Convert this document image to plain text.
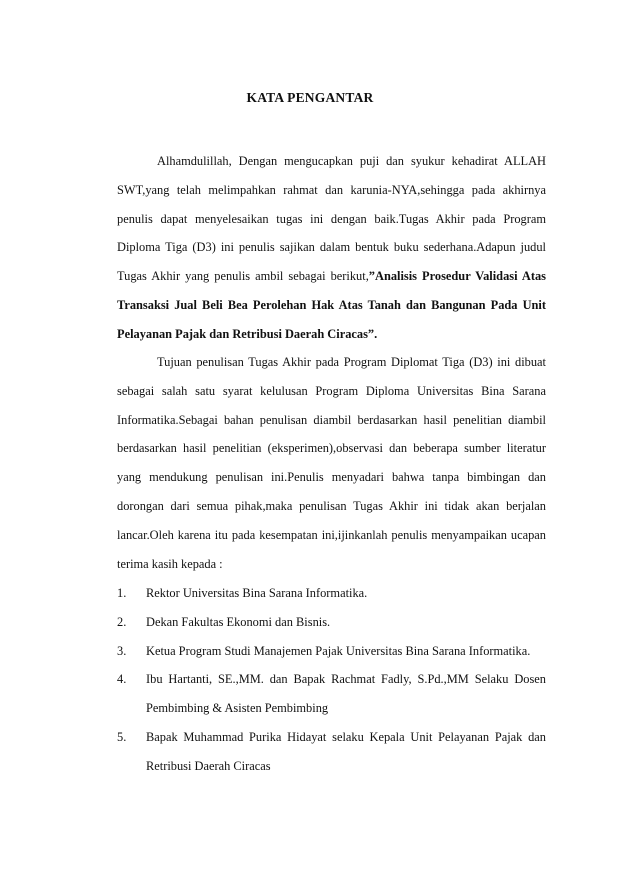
KATA PENGANTAR

Alhamdulillah, Dengan mengucapkan puji dan syukur kehadirat ALLAH SWT,yang telah melimpahkan rahmat dan karunia-NYA,sehingga pada akhirnya penulis dapat menyelesaikan tugas ini dengan baik.Tugas Akhir pada Program Diploma Tiga (D3) ini penulis sajikan dalam bentuk buku sederhana.Adapun judul Tugas Akhir yang penulis ambil sebagai berikut,”Analisis Prosedur Validasi Atas Transaksi Jual Beli Bea Perolehan Hak Atas Tanah dan Bangunan Pada Unit Pelayanan Pajak dan Retribusi Daerah Ciracas”.

Tujuan penulisan Tugas Akhir pada Program Diplomat Tiga (D3) ini dibuat sebagai salah satu syarat kelulusan Program Diploma Universitas Bina Sarana Informatika.Sebagai bahan penulisan diambil berdasarkan hasil penelitian diambil berdasarkan hasil penelitian (eksperimen),observasi dan beberapa sumber literatur yang mendukung penulisan ini.Penulis menyadari bahwa tanpa bimbingan dan dorongan dari semua pihak,maka penulisan Tugas Akhir ini tidak akan berjalan lancar.Oleh karena itu pada kesempatan ini,ijinkanlah penulis menyampaikan ucapan terima kasih kepada :

1. Rektor Universitas Bina Sarana Informatika.
2. Dekan Fakultas Ekonomi dan Bisnis.
3. Ketua Program Studi Manajemen Pajak Universitas Bina Sarana Informatika.
4. Ibu Hartanti, SE.,MM. dan Bapak Rachmat Fadly, S.Pd.,MM Selaku Dosen Pembimbing & Asisten Pembimbing
5. Bapak Muhammad Purika Hidayat selaku Kepala Unit Pelayanan Pajak dan Retribusi Daerah Ciracas
